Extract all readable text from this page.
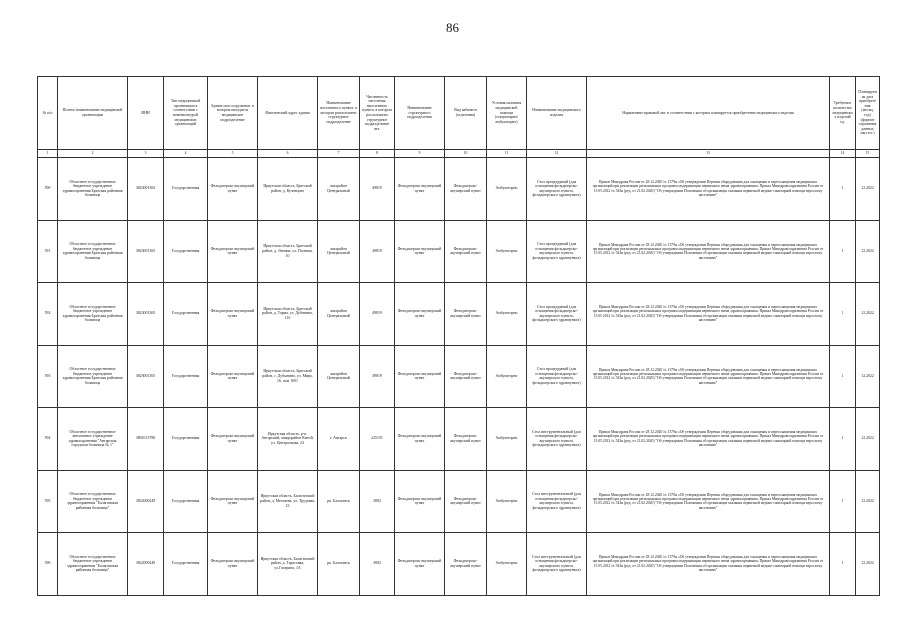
86
№ п/п	Полное наименование медицинской организации	ИНН	Тип медицинской организации в соответствии с номенклатурой медицинских организаций	Здание или сооружение, в котором находится медицинское подразделение	Фактический адрес здания	Наименование населенного пункта, в котором расположено структурное подразделение	Численность населения населенного пункта, в котором расположено структурное подразделение чел.	Наименование структурного подразделения	Вид кабинета (отделения)	Условия оказания медицинской помощи (стационарно/амбулаторно)	Наименование медицинского изделия	Нормативно-правовой акт, в соответствии с которым планируется приобретение медицинского изделия	Требуемое количество медицинских изделий ед.	Планируемая дата приобретения (месяц, год) (формат отражения данных мм.гггг.)
1	2	3	4	5	6	7	8	9	10	11	12	13	14	15
590	Областное государственное бюджетное учреждение здравоохранения Братская районная больница	3823001365	Государственная	Фельдшерско-акушерский пункт	Иркутская область, Братский район, д. Кузнецова	жилрайон Центральный	49819	Фельдшерско-акушерский пункт	Фельдшерско-акушерский пункт	Амбулаторно	Стол процедурный (для оснащения фельдшерско-акушерского пункта, фельдшерского здравпункта)	Приказ Минздрава России от 28.12.2020 № 1379н «Об утверждении Перечня оборудования для оснащения и переоснащения медицинских организаций при реализации региональных программ модернизации первичного звена здравоохранения» Приказ Минздравсоцразвития России от 15.05.2012 № 543н (ред. от 21.02.2020) "Об утверждении Положения об организации оказания первичной медико-санитарной помощи взрослому населению"	1	12.2022
591	Областное государственное бюджетное учреждение здравоохранения Братская районная больница	3823001365	Государственная	Фельдшерско-акушерский пункт	Иркутская область, Братский район, д. Ленина, ул. Полевая, 10	жилрайон Центральный	49819	Фельдшерско-акушерский пункт	Фельдшерско-акушерский пункт	Амбулаторно	Стол процедурный (для оснащения фельдшерско-акушерского пункта, фельдшерского здравпункта)	Приказ Минздрава России от 28.12.2020 № 1379н «Об утверждении Перечня оборудования для оснащения и переоснащения медицинских организаций при реализации региональных программ модернизации первичного звена здравоохранения» Приказ Минздравсоцразвития России от 15.05.2012 № 543н (ред. от 21.02.2020) "Об утверждении Положения об организации оказания первичной медико-санитарной помощи взрослому населению"	1	12.2022
592	Областное государственное бюджетное учреждение здравоохранения Братская районная больница	3823001365	Государственная	Фельдшерско-акушерский пункт	Иркутская область, Братский район, д. Тарма, ул. Дубинина, 11б	жилрайон Центральный	49819	Фельдшерско-акушерский пункт	Фельдшерско-акушерский пункт	Амбулаторно	Стол процедурный (для оснащения фельдшерско-акушерского пункта, фельдшерского здравпункта)	Приказ Минздрава России от 28.12.2020 № 1379н «Об утверждении Перечня оборудования для оснащения и переоснащения медицинских организаций при реализации региональных программ модернизации первичного звена здравоохранения» Приказ Минздравсоцразвития России от 15.05.2012 № 543н (ред. от 21.02.2020) "Об утверждении Положения об организации оказания первичной медико-санитарной помощи взрослому населению"	1	12.2022
593	Областное государственное бюджетное учреждение здравоохранения Братская районная больница	3823001365	Государственная	Фельдшерско-акушерский пункт	Иркутская область, Братский район, с. Дубынино, ул. Мира, 16, пом 1001	жилрайон Центральный	49819	Фельдшерско-акушерский пункт	Фельдшерско-акушерский пункт	Амбулаторно	Стол процедурный (для оснащения фельдшерско-акушерского пункта, фельдшерского здравпункта)	Приказ Минздрава России от 28.12.2020 № 1379н «Об утверждении Перечня оборудования для оснащения и переоснащения медицинских организаций при реализации региональных программ модернизации первичного звена здравоохранения» Приказ Минздравсоцразвития России от 15.05.2012 № 543н (ред. от 21.02.2020) "Об утверждении Положения об организации оказания первичной медико-санитарной помощи взрослому населению"	1	12.2022
594	Областное государственное автономное учреждение здравоохранения "Ангарская городская больница № 1"	3801013780	Государственная	Фельдшерско-акушерский пункт	Иркутская область, р-п. Ангарский, микрорайон Китой, ул. Центральная, 24	г. Ангарск	225151	Фельдшерско-акушерский пункт	Фельдшерско-акушерский пункт	Амбулаторно	Стол инструментальный (для оснащения фельдшерско-акушерского пункта, фельдшерского здравпункта)	Приказ Минздрава России от 28.12.2020 № 1379н «Об утверждении Перечня оборудования для оснащения и переоснащения медицинских организаций при реализации региональных программ модернизации первичного звена здравоохранения» Приказ Минздравсоцразвития России от 15.05.2012 № 543н (ред. от 21.02.2020) "Об утверждении Положения об организации оказания первичной медико-санитарной помощи взрослому населению"	1	12.2022
595	Областное государственное бюджетное учреждение здравоохранения "Балаганская районная больница"	3822000249	Государственная	Фельдшерско-акушерский пункт	Иркутская область, Балаганский район, д. Метляева, ул. Трудовая, 23	рп. Балаганск	3882	Фельдшерско-акушерский пункт	Фельдшерско-акушерский пункт	Амбулаторно	Стол инструментальный (для оснащения фельдшерско-акушерского пункта, фельдшерского здравпункта)	Приказ Минздрава России от 28.12.2020 № 1379н «Об утверждении Перечня оборудования для оснащения и переоснащения медицинских организаций при реализации региональных программ модернизации первичного звена здравоохранения» Приказ Минздравсоцразвития России от 15.05.2012 № 543н (ред. от 21.02.2020) "Об утверждении Положения об организации оказания первичной медико-санитарной помощи взрослому населению"	1	12.2022
596	Областное государственное бюджетное учреждение здравоохранения "Балаганская районная больница"	3822000249	Государственная	Фельдшерско-акушерский пункт	Иркутская область, Балаганский район, д. Тарасовка, ул.Гагарина, 1А	рп. Балаганск	3882	Фельдшерско-акушерский пункт	Фельдшерско-акушерский пункт	Амбулаторно	Стол инструментальный (для оснащения фельдшерско-акушерского пункта, фельдшерского здравпункта)	Приказ Минздрава России от 28.12.2020 № 1379н «Об утверждении Перечня оборудования для оснащения и переоснащения медицинских организаций при реализации региональных программ модернизации первичного звена здравоохранения» Приказ Минздравсоцразвития России от 15.05.2012 № 543н (ред. от 21.02.2020) "Об утверждении Положения об организации оказания первичной медико-санитарной помощи взрослому населению"	1	12.2022
